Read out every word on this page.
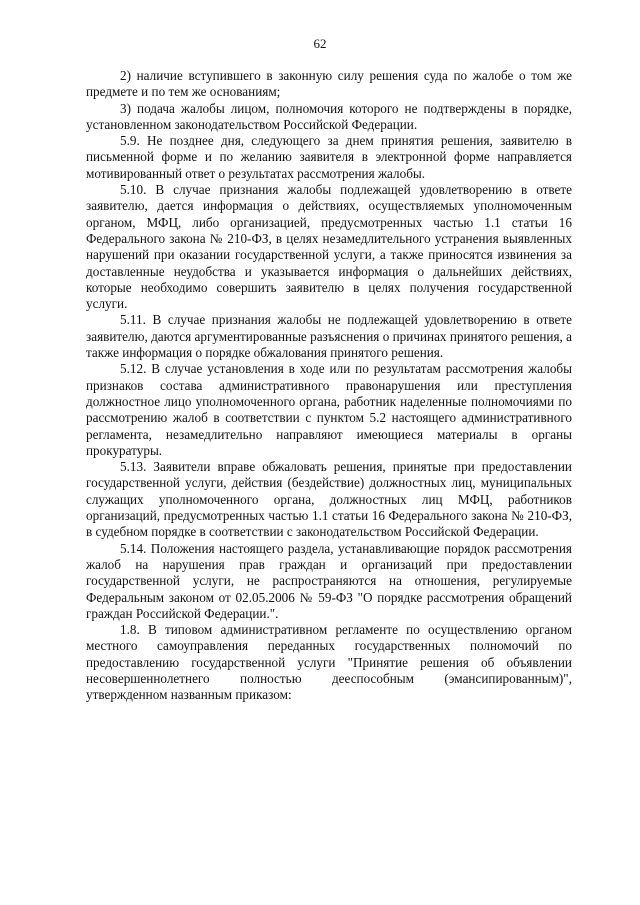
62

2) наличие вступившего в законную силу решения суда по жалобе о том же предмете и по тем же основаниям;

3) подача жалобы лицом, полномочия которого не подтверждены в порядке, установленном законодательством Российской Федерации.

5.9. Не позднее дня, следующего за днем принятия решения, заявителю в письменной форме и по желанию заявителя в электронной форме направляется мотивированный ответ о результатах рассмотрения жалобы.

5.10. В случае признания жалобы подлежащей удовлетворению в ответе заявителю, дается информация о действиях, осуществляемых уполномоченным органом, МФЦ, либо организацией, предусмотренных частью 1.1 статьи 16 Федерального закона № 210-ФЗ, в целях незамедлительного устранения выявленных нарушений при оказании государственной услуги, а также приносятся извинения за доставленные неудобства и указывается информация о дальнейших действиях, которые необходимо совершить заявителю в целях получения государственной услуги.

5.11. В случае признания жалобы не подлежащей удовлетворению в ответе заявителю, даются аргументированные разъяснения о причинах принятого решения, а также информация о порядке обжалования принятого решения.

5.12. В случае установления в ходе или по результатам рассмотрения жалобы признаков состава административного правонарушения или преступления должностное лицо уполномоченного органа, работник наделенные полномочиями по рассмотрению жалоб в соответствии с пунктом 5.2 настоящего административного регламента, незамедлительно направляют имеющиеся материалы в органы прокуратуры.

5.13. Заявители вправе обжаловать решения, принятые при предоставлении государственной услуги, действия (бездействие) должностных лиц, муниципальных служащих уполномоченного органа, должностных лиц МФЦ, работников организаций, предусмотренных частью 1.1 статьи 16 Федерального закона № 210-ФЗ, в судебном порядке в соответствии с законодательством Российской Федерации.

5.14. Положения настоящего раздела, устанавливающие порядок рассмотрения жалоб на нарушения прав граждан и организаций при предоставлении государственной услуги, не распространяются на отношения, регулируемые Федеральным законом от 02.05.2006 № 59-ФЗ "О порядке рассмотрения обращений граждан Российской Федерации.".

1.8. В типовом административном регламенте по осуществлению органом местного самоуправления переданных государственных полномочий по предоставлению государственной услуги "Принятие решения об объявлении несовершеннолетнего полностью дееспособным (эмансипированным)", утвержденном названным приказом:
